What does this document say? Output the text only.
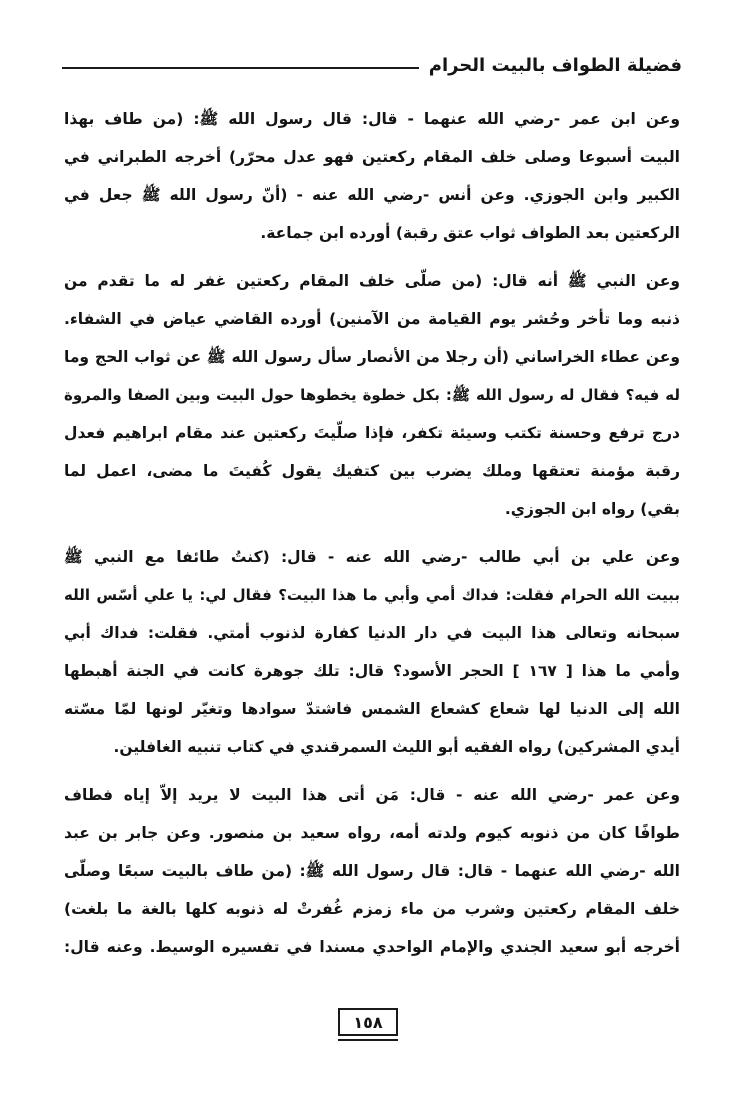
فضيلة الطواف بالبيت الحرام
وعن ابن عمر -رضي الله عنهما - قال: قال رسول الله ﷺ: (من طاف بهذا
البيت أسبوعا وصلى خلف المقام ركعتين فهو عدل محرّر) أخرجه الطبراني في
الكبير وابن الجوزي. وعن أنس -رضي الله عنه - (أنّ رسول الله ﷺ جعل في
الركعتين بعد الطواف ثواب عتق رقبة) أورده ابن جماعة.
وعن النبي ﷺ أنه قال: (من صلّى خلف المقام ركعتين غفر له ما تقدم من
ذنبه وما تأخر وحُشر يوم القيامة من الآمنين) أورده القاضي عياض في الشفاء.
وعن عطاء الخراساني (أن رجلا من الأنصار سأل رسول الله ﷺ عن ثواب الحج وما
له فيه؟ فقال له رسول الله ﷺ: بكل خطوة يخطوها حول البيت وبين الصفا والمروة
درج ترفع وحسنة تكتب وسيئة تكفر، فإذا صلّيتَ ركعتين عند مقام ابراهيم فعدل
رقبة مؤمنة تعتقها وملك يضرب بين كتفيك يقول كُفيتَ ما مضى، اعمل لما
بقي) رواه ابن الجوزي.
وعن علي بن أبي طالب -رضي الله عنه - قال: (كنتُ طائفا مع النبي ﷺ
ببيت الله الحرام فقلت: فداك أمي وأبي ما هذا البيت؟ فقال لي: يا علي أسّس الله
سبحانه وتعالى هذا البيت في دار الدنيا كفارة لذنوب أمتي. فقلت: فداك أبي
وأمي ما هذا [ ١٦٧ ] الحجر الأسود؟ قال: تلك جوهرة كانت في الجنة أهبطها
الله إلى الدنيا لها شعاع كشعاع الشمس فاشتدّ سوادها وتغيّر لونها لمّا مسّته
أيدي المشركين) رواه الفقيه أبو الليث السمرقندي في كتاب تنبيه الغافلين.
وعن عمر -رضي الله عنه - قال: مَن أتى هذا البيت لا يريد إلاّ إياه فطاف
طوافًا كان من ذنوبه كيوم ولدته أمه، رواه سعيد بن منصور. وعن جابر بن عبد
الله -رضي الله عنهما - قال: قال رسول الله ﷺ: (من طاف بالبيت سبعًا وصلّى
خلف المقام ركعتين وشرب من ماء زمزم غُفرتْ له ذنوبه كلها بالغة ما بلغت)
أخرجه أبو سعيد الجندي والإمام الواحدي مسندا في تفسيره الوسيط. وعنه قال:
١٥٨
